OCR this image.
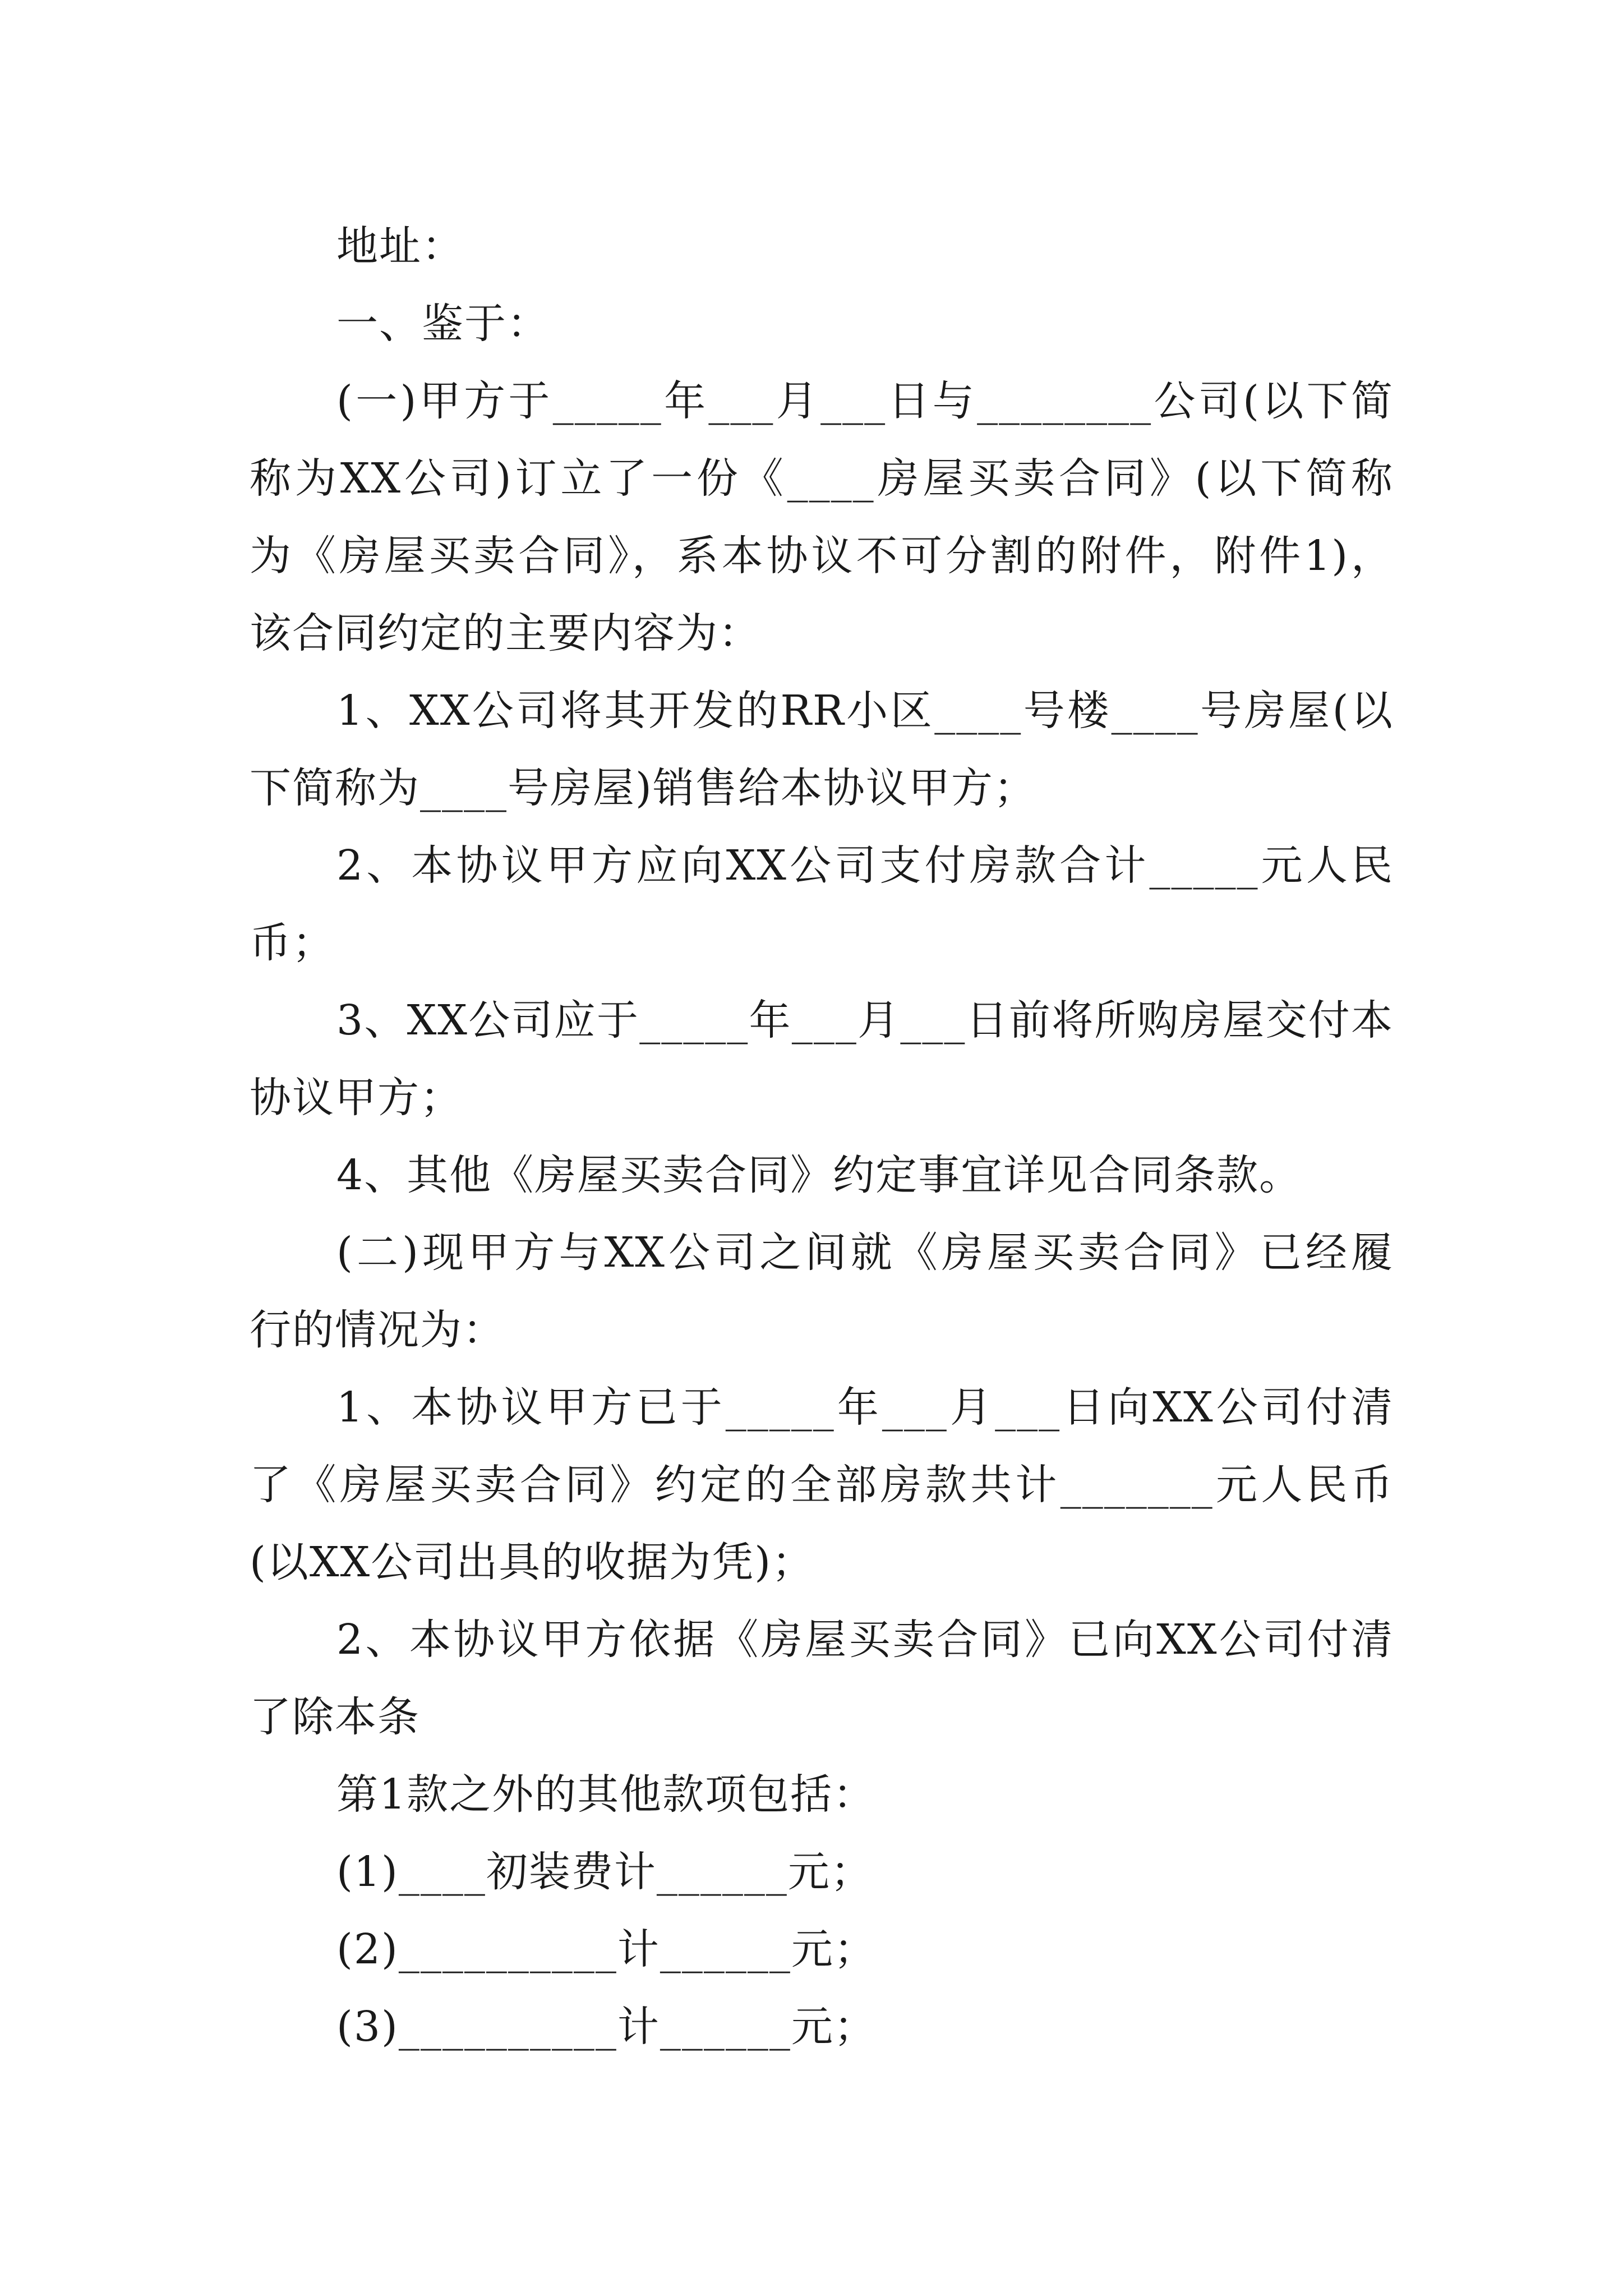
地址：
一、鉴于：
(一)甲方于_____年___月___日与________公司(以下简
称为XX公司)订立了一份《____房屋买卖合同》(以下简称
为《房屋买卖合同》，系本协议不可分割的附件，附件1)，
该合同约定的主要内容为：
1、XX公司将其开发的RR小区____号楼____号房屋(以
下简称为____号房屋)销售给本协议甲方；
2、本协议甲方应向XX公司支付房款合计_____元人民
币；
3、XX公司应于_____年___月___日前将所购房屋交付本
协议甲方；
4、其他《房屋买卖合同》约定事宜详见合同条款。
(二)现甲方与XX公司之间就《房屋买卖合同》已经履
行的情况为：
1、本协议甲方已于_____年___月___日向XX公司付清
了《房屋买卖合同》约定的全部房款共计_______元人民币
(以XX公司出具的收据为凭)；
2、本协议甲方依据《房屋买卖合同》已向XX公司付清
了除本条
第1款之外的其他款项包括：
(1)____初装费计______元；
(2)__________计______元；
(3)__________计______元；
